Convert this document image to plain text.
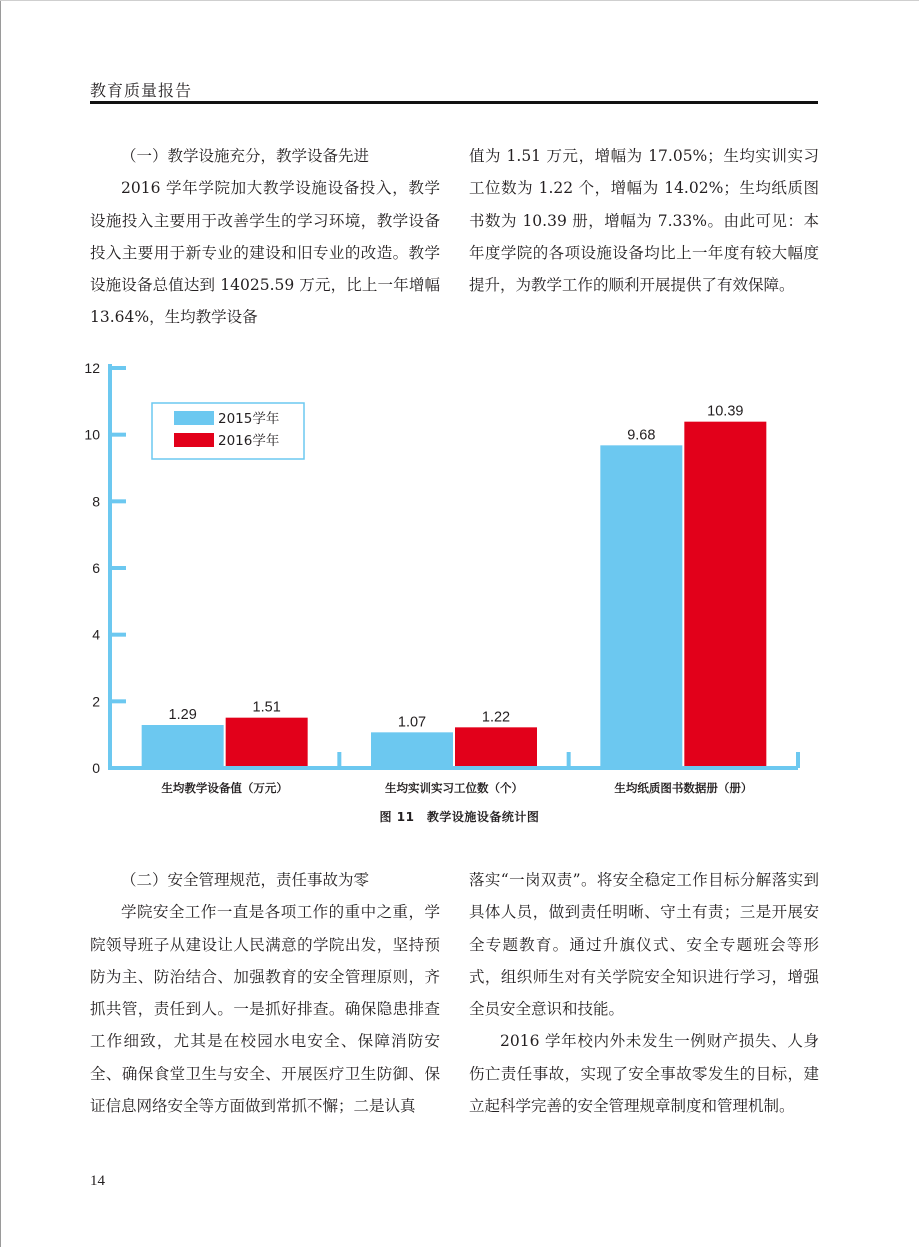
教育质量报告

（一）教学设施充分，教学设备先进

2016 学年学院加大教学设施设备投入，教学设施投入主要用于改善学生的学习环境，教学设备投入主要用于新专业的建设和旧专业的改造。教学设施设备总值达到 14025.59 万元，比上一年增幅 13.64%，生均教学设备

值为 1.51 万元，增幅为 17.05%；生均实训实习工位数为 1.22 个，增幅为 14.02%；生均纸质图书数为 10.39 册，增幅为 7.33%。由此可见：本年度学院的各项设施设备均比上一年度有较大幅度提升，为教学工作的顺利开展提供了有效保障。

0
2
4
6
8
10
12
1.29	1.51
生均教学设备值（万元）
1.07	1.22
生均实训实习工位数（个）
9.68
10.39
生均纸质图书数据册（册）
2015学年
2016学年
图 11　教学设施设备统计图

（二）安全管理规范，责任事故为零

学院安全工作一直是各项工作的重中之重，学院领导班子从建设让人民满意的学院出发，坚持预防为主、防治结合、加强教育的安全管理原则，齐抓共管，责任到人。一是抓好排查。确保隐患排查工作细致，尤其是在校园水电安全、保障消防安全、确保食堂卫生与安全、开展医疗卫生防御、保证信息网络安全等方面做到常抓不懈；二是认真

落实“一岗双责”。将安全稳定工作目标分解落实到具体人员，做到责任明晰、守土有责；三是开展安全专题教育。通过升旗仪式、安全专题班会等形式，组织师生对有关学院安全知识进行学习，增强全员安全意识和技能。

2016 学年校内外未发生一例财产损失、人身伤亡责任事故，实现了安全事故零发生的目标，建立起科学完善的安全管理规章制度和管理机制。

14
